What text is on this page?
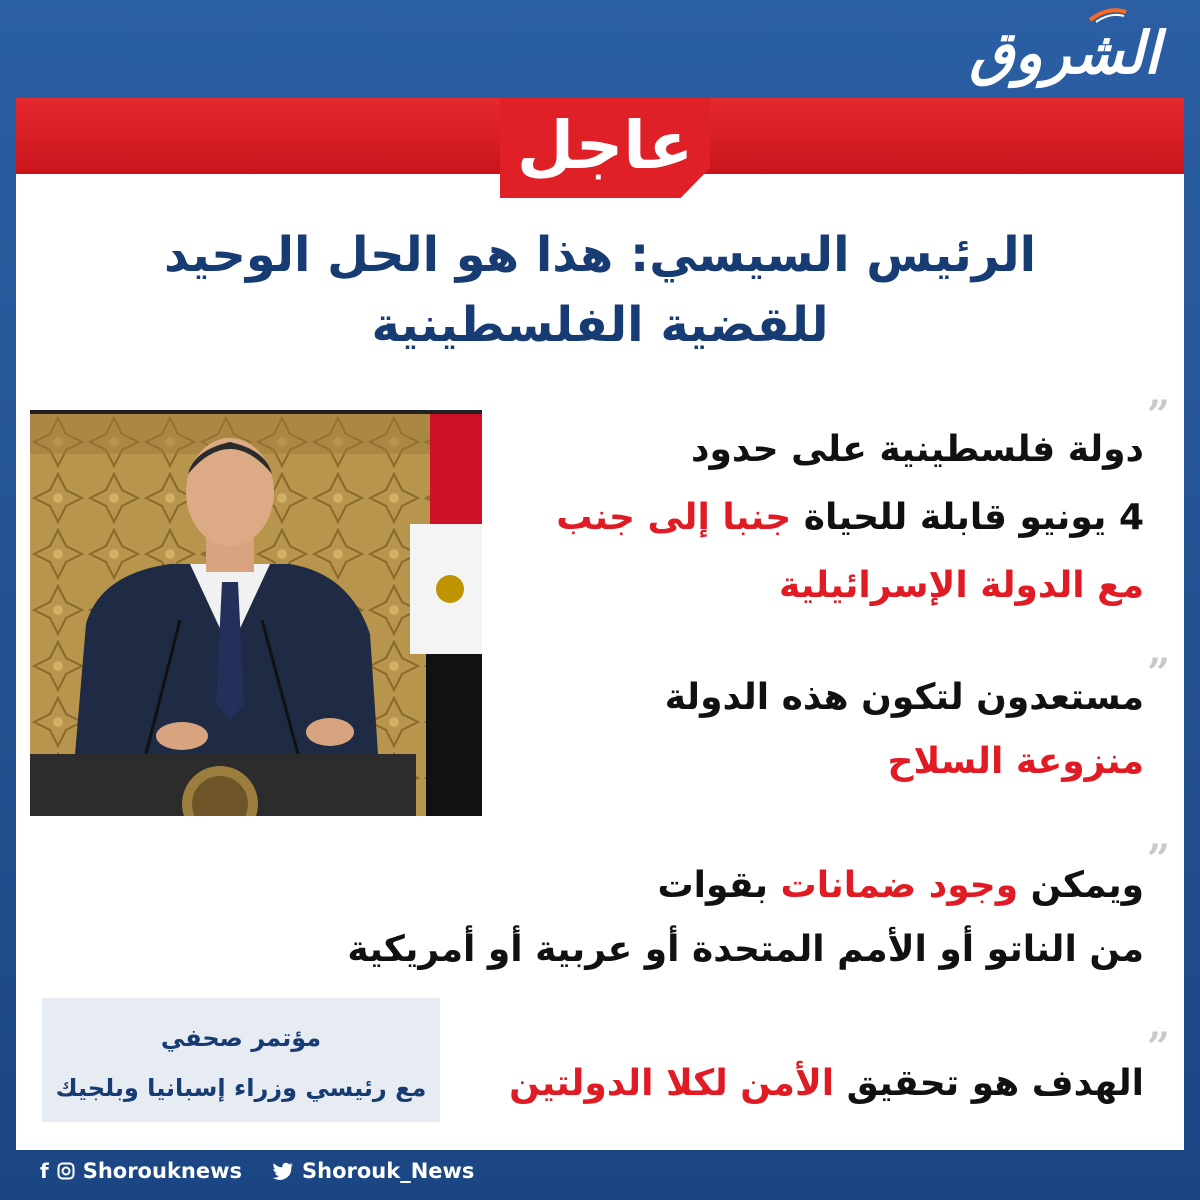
الشروق
عاجل
الرئيس السيسي: هذا هو الحل الوحيد
للقضية الفلسطينية
”
دولة فلسطينية على حدود
4 يونيو قابلة للحياة جنبا إلى جنب
مع الدولة الإسرائيلية
”
مستعدون لتكون هذه الدولة
منزوعة السلاح
”
ويمكن وجود ضمانات بقوات
من الناتو أو الأمم المتحدة أو عربية أو أمريكية
”
الهدف هو تحقيق الأمن لكلا الدولتين
مؤتمر صحفي
مع رئيسي وزراء إسبانيا وبلجيك
f Shorouknews	Shorouk_News
